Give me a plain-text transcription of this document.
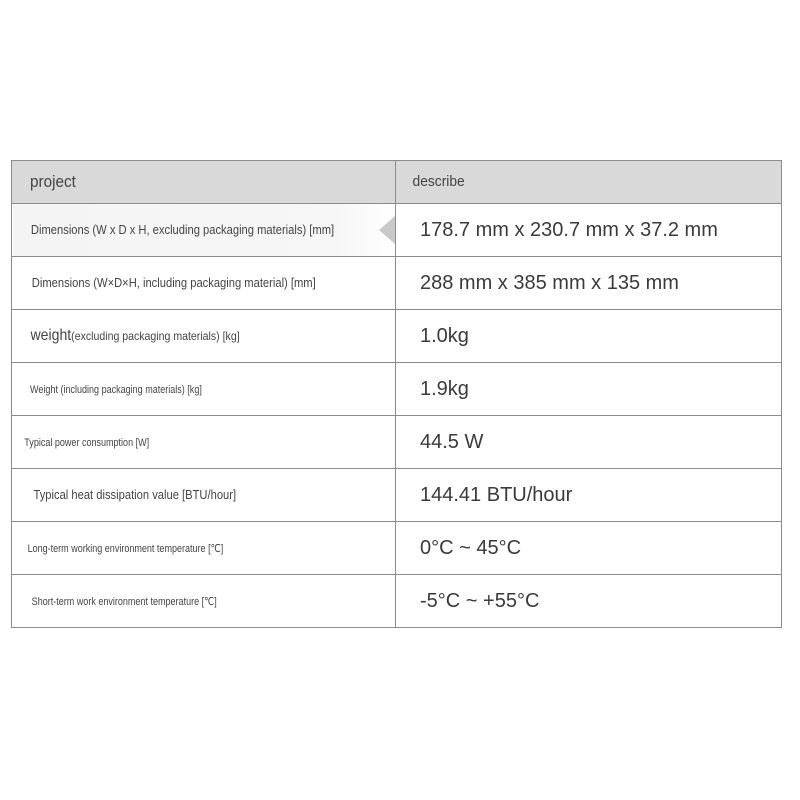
project	describe
Dimensions (W x D x H, excluding packaging materials) [mm]	178.7 mm x 230.7 mm x 37.2 mm
Dimensions (W×D×H, including packaging material) [mm]	288 mm x 385 mm x 135 mm
weight(excluding packaging materials) [kg]	1.0kg
Weight (including packaging materials) [kg]	1.9kg
Typical power consumption [W]	44.5 W
Typical heat dissipation value [BTU/hour]	144.41 BTU/hour
Long-term working environment temperature [℃]	0°C ~ 45°C
Short-term work environment temperature [℃]	-5°C ~ +55°C
